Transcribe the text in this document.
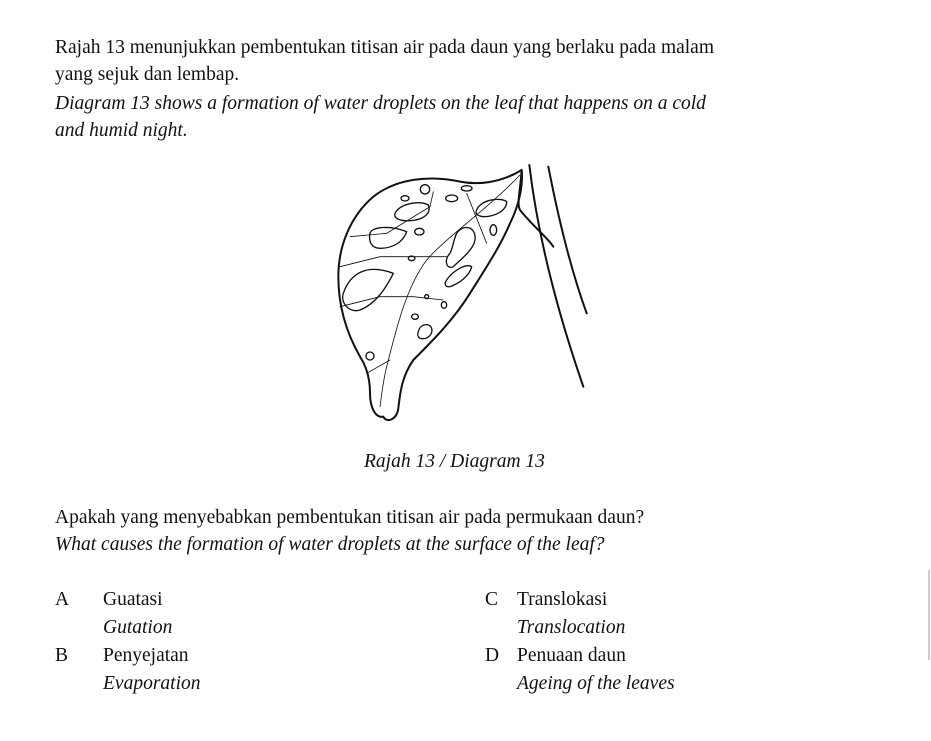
Rajah 13 menunjukkan pembentukan titisan air pada daun yang berlaku pada malam
yang sejuk dan lembap.
Diagram 13 shows a formation of water droplets on the leaf that happens on a cold
and humid night.
Rajah 13 / Diagram 13
Apakah yang menyebabkan pembentukan titisan air pada permukaan daun?
What causes the formation of water droplets at the surface of the leaf?
A Guatasi
Gutation
B Penyejatan
Evaporation
C Translokasi
Translocation
D Penuaan daun
Ageing of the leaves
